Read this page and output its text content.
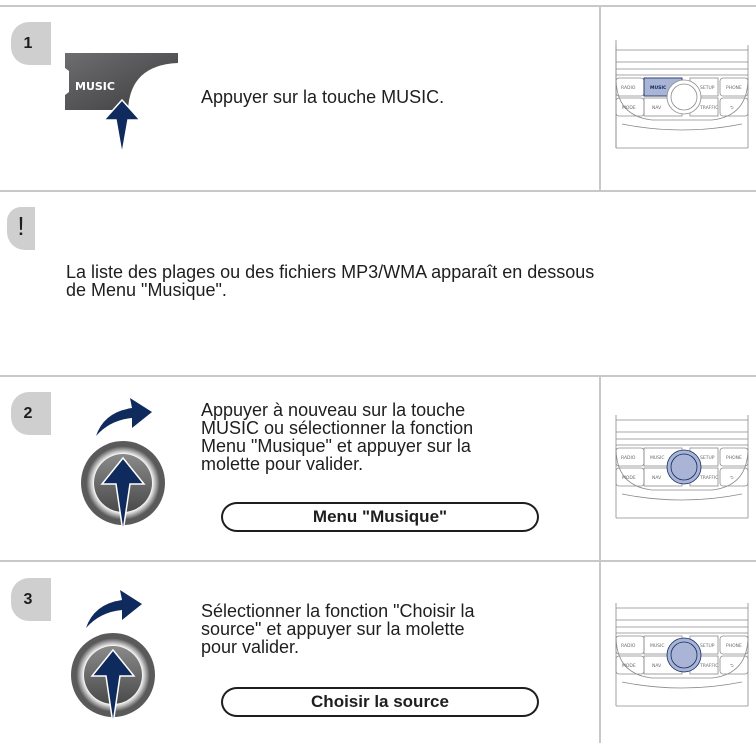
1
MUSIC
Appuyer sur la touche MUSIC.	RADIO	MUSIC	SETUP	PHONE
MODE	NAV	TRAFFIC	⮌
!
La liste des plages ou des fichiers MP3/WMA apparaît en dessous
de Menu "Musique".
2	Appuyer à nouveau sur la touche
MUSIC ou sélectionner la fonction
Menu "Musique" et appuyer sur la
molette pour valider.
Menu "Musique"
RADIO	MUSIC	SETUP	PHONE
MODE	NAV	TRAFFIC	⮌
3
Sélectionner la fonction "Choisir la
source" et appuyer sur la molette
pour valider.
Choisir la source
RADIO	MUSIC	SETUP	PHONE
MODE	NAV	TRAFFIC	⮌
